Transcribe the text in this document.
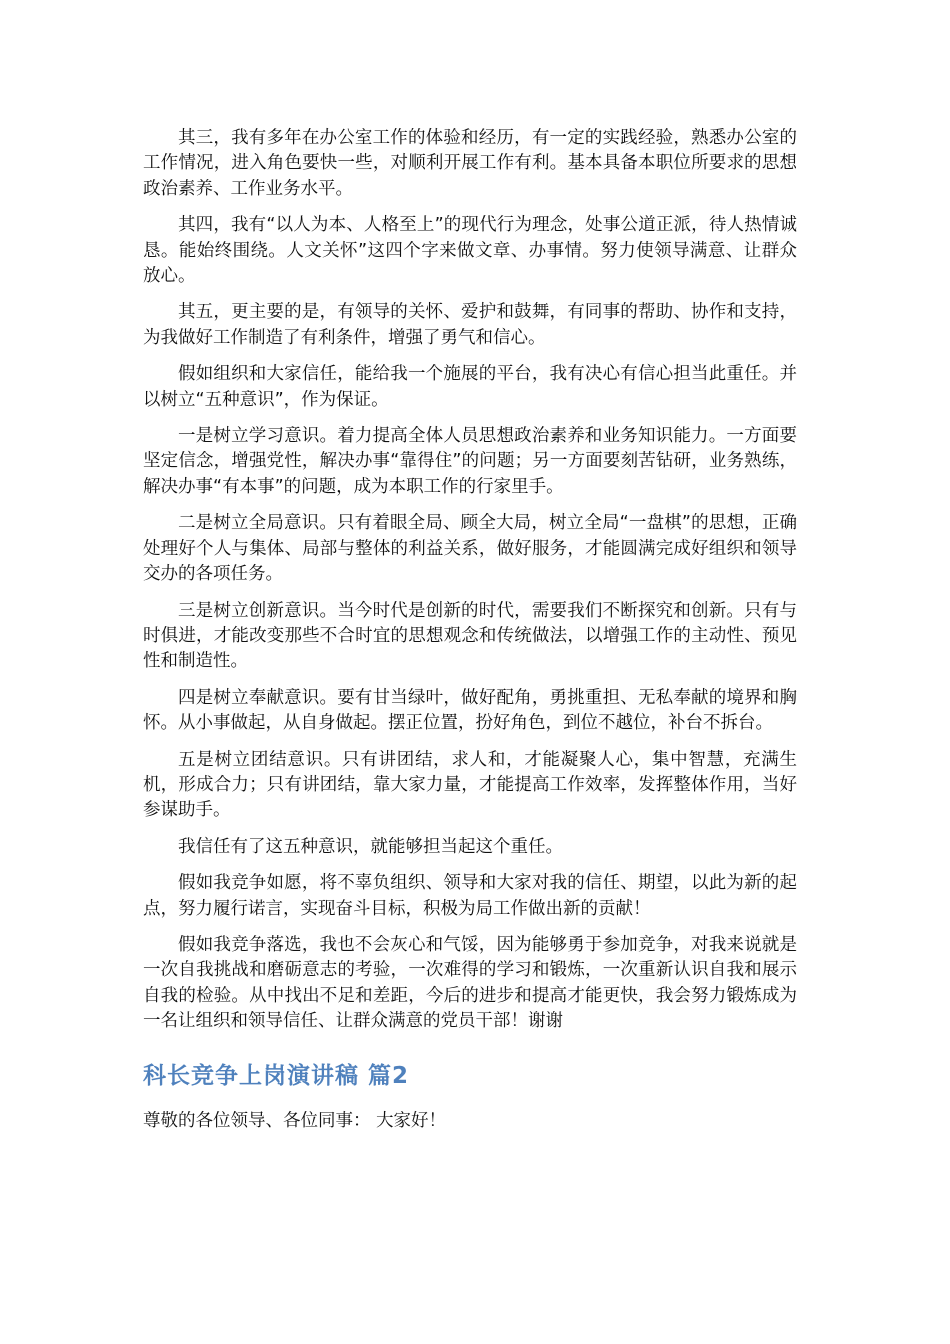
其三，我有多年在办公室工作的体验和经历，有一定的实践经验，熟悉办公室的工作情况，进入角色要快一些，对顺利开展工作有利。基本具备本职位所要求的思想政治素养、工作业务水平。

其四，我有“以人为本、人格至上”的现代行为理念，处事公道正派，待人热情诚恳。能始终围绕。人文关怀”这四个字来做文章、办事情。努力使领导满意、让群众放心。

其五，更主要的是，有领导的关怀、爱护和鼓舞，有同事的帮助、协作和支持，为我做好工作制造了有利条件，增强了勇气和信心。

假如组织和大家信任，能给我一个施展的平台，我有决心有信心担当此重任。并以树立“五种意识”，作为保证。

一是树立学习意识。着力提高全体人员思想政治素养和业务知识能力。一方面要坚定信念，增强党性，解决办事“靠得住”的问题；另一方面要刻苦钻研，业务熟练，解决办事“有本事”的问题，成为本职工作的行家里手。

二是树立全局意识。只有着眼全局、顾全大局，树立全局“一盘棋”的思想，正确处理好个人与集体、局部与整体的利益关系，做好服务，才能圆满完成好组织和领导交办的各项任务。

三是树立创新意识。当今时代是创新的时代，需要我们不断探究和创新。只有与时俱进，才能改变那些不合时宜的思想观念和传统做法，以增强工作的主动性、预见性和制造性。

四是树立奉献意识。要有甘当绿叶，做好配角，勇挑重担、无私奉献的境界和胸怀。从小事做起，从自身做起。摆正位置，扮好角色，到位不越位，补台不拆台。

五是树立团结意识。只有讲团结，求人和，才能凝聚人心，集中智慧，充满生机，形成合力；只有讲团结，靠大家力量，才能提高工作效率，发挥整体作用，当好参谋助手。

我信任有了这五种意识，就能够担当起这个重任。

假如我竞争如愿，将不辜负组织、领导和大家对我的信任、期望，以此为新的起点，努力履行诺言，实现奋斗目标，积极为局工作做出新的贡献！

假如我竞争落选，我也不会灰心和气馁，因为能够勇于参加竞争，对我来说就是一次自我挑战和磨砺意志的考验，一次难得的学习和锻炼，一次重新认识自我和展示自我的检验。从中找出不足和差距，今后的进步和提高才能更快，我会努力锻炼成为一名让组织和领导信任、让群众满意的党员干部！谢谢

科长竞争上岗演讲稿 篇2

尊敬的各位领导、各位同事： 大家好！
